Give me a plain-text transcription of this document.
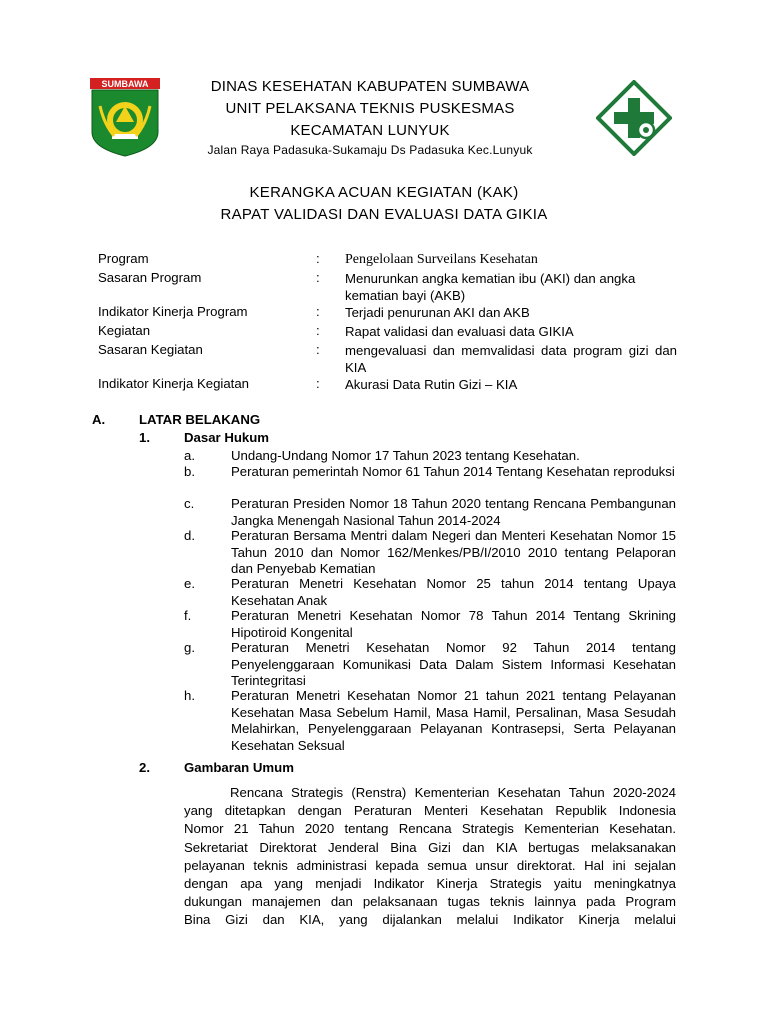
SUMBAWA	DINAS KESEHATAN KABUPATEN SUMBAWA
UNIT PELAKSANA TEKNIS PUSKESMAS
KECAMATAN LUNYUK
Jalan Raya Padasuka-Sukamaju Ds Padasuka Kec.Lunyuk
KERANGKA ACUAN KEGIATAN (KAK)
RAPAT VALIDASI DAN EVALUASI DATA GIKIA
Program	: Pengelolaan Surveilans Kesehatan
Sasaran Program	: Menurunkan angka kematian ibu (AKI) dan angka kematian bayi (AKB)
Indikator Kinerja Program	: Terjadi penurunan AKI dan AKB
Kegiatan	: Rapat validasi dan evaluasi data GIKIA
Sasaran Kegiatan	: mengevaluasi dan memvalidasi data program gizi dan KIA
Indikator Kinerja Kegiatan	: Akurasi Data Rutin Gizi – KIA
A.	LATAR BELAKANG
1.	Dasar Hukum
a.	Undang-Undang Nomor 17 Tahun 2023 tentang Kesehatan.
b.	Peraturan pemerintah Nomor 61 Tahun 2014 Tentang Kesehatan reproduksi
c.	Peraturan Presiden Nomor 18 Tahun 2020 tentang Rencana Pembangunan Jangka Menengah Nasional Tahun 2014-2024
d.	Peraturan Bersama Mentri dalam Negeri dan Menteri Kesehatan Nomor 15 Tahun 2010 dan Nomor 162/Menkes/PB/I/2010 2010 tentang Pelaporan dan Penyebab Kematian
e.	Peraturan Menetri Kesehatan Nomor 25 tahun 2014 tentang Upaya Kesehatan Anak
f.	Peraturan Menetri Kesehatan Nomor 78 Tahun 2014 Tentang Skrining Hipotiroid Kongenital
g.	Peraturan Menetri Kesehatan Nomor 92 Tahun 2014 tentang Penyelenggaraan Komunikasi Data Dalam Sistem Informasi Kesehatan Terintegritasi
h.	Peraturan Menetri Kesehatan Nomor 21 tahun 2021 tentang Pelayanan Kesehatan Masa Sebelum Hamil, Masa Hamil, Persalinan, Masa Sesudah Melahirkan, Penyelenggaraan Pelayanan Kontrasepsi, Serta Pelayanan Kesehatan Seksual
2.	Gambaran Umum
Rencana Strategis (Renstra) Kementerian Kesehatan Tahun 2020-2024
yang ditetapkan dengan Peraturan Menteri Kesehatan Republik Indonesia
Nomor 21 Tahun 2020 tentang Rencana Strategis Kementerian Kesehatan.
Sekretariat Direktorat Jenderal Bina Gizi dan KIA bertugas melaksanakan
pelayanan teknis administrasi kepada semua unsur direktorat. Hal ini sejalan
dengan apa yang menjadi Indikator Kinerja Strategis yaitu meningkatnya
dukungan manajemen dan pelaksanaan tugas teknis lainnya pada Program
Bina Gizi dan KIA, yang dijalankan melalui Indikator Kinerja melalui
